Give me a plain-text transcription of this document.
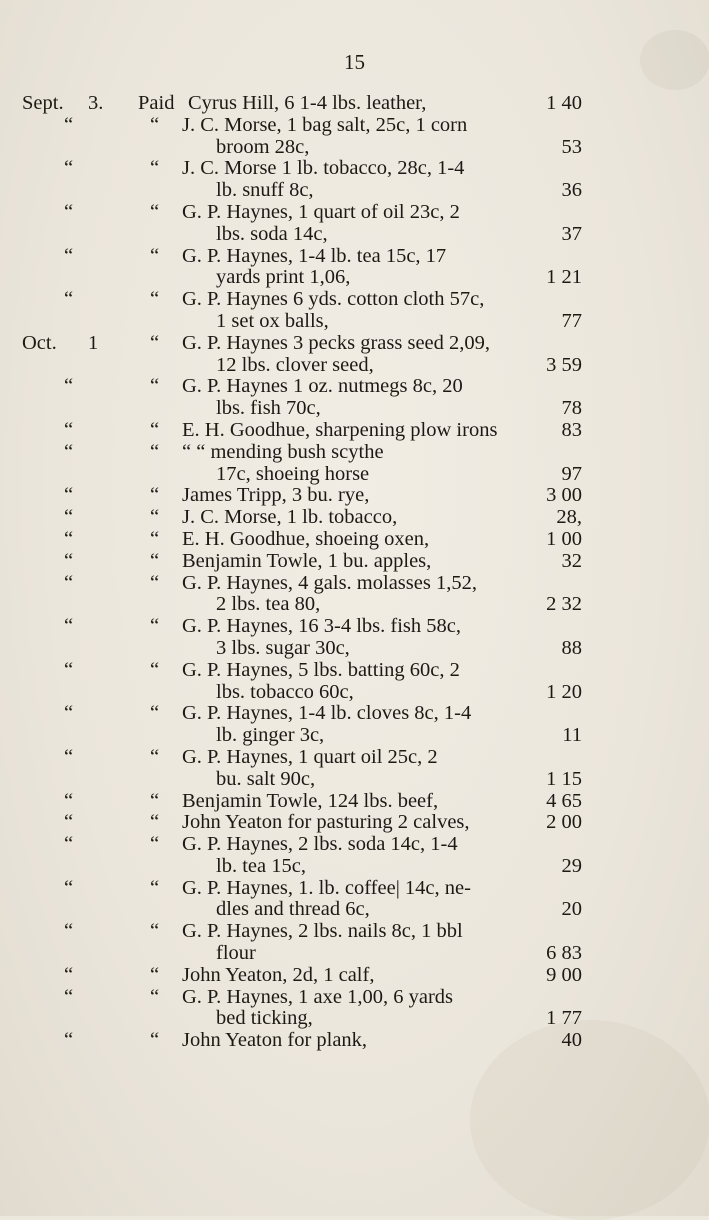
15
Sept. 3. Paid Cyrus Hill, 6 1-4 lbs. leather,	1 40
“	“ J. C. Morse, 1 bag salt, 25c, 1 corn
broom 28c,	53
“	“ J. C. Morse 1 lb. tobacco, 28c, 1-4
lb. snuff 8c,	36
“	“ G. P. Haynes, 1 quart of oil 23c, 2
lbs. soda 14c,	37
“	“ G. P. Haynes, 1-4 lb. tea 15c, 17
yards print 1,06,	1 21
“	“ G. P. Haynes 6 yds. cotton cloth 57c,
1 set ox balls,	77
Oct. 1	“ G. P. Haynes 3 pecks grass seed 2,09,
12 lbs. clover seed,	3 59
“	“ G. P. Haynes 1 oz. nutmegs 8c, 20
lbs. fish 70c,	78
“	“ E. H. Goodhue, sharpening plow irons	83
“	“ “ “ mending bush scythe
17c, shoeing horse	97
“	“ James Tripp, 3 bu. rye,	3 00
“	“ J. C. Morse, 1 lb. tobacco,	28,
“	“ E. H. Goodhue, shoeing oxen,	1 00
“	“ Benjamin Towle, 1 bu. apples,	32
“	“ G. P. Haynes, 4 gals. molasses 1,52,
2 lbs. tea 80,	2 32
“	“ G. P. Haynes, 16 3-4 lbs. fish 58c,
3 lbs. sugar 30c,	88
“	“ G. P. Haynes, 5 lbs. batting 60c, 2
lbs. tobacco 60c,	1 20
“	“ G. P. Haynes, 1-4 lb. cloves 8c, 1-4
lb. ginger 3c,	11
“	“ G. P. Haynes, 1 quart oil 25c, 2
bu. salt 90c,	1 15
“	“ Benjamin Towle, 124 lbs. beef,	4 65
“	“ John Yeaton for pasturing 2 calves,	2 00
“	“ G. P. Haynes, 2 lbs. soda 14c, 1-4
lb. tea 15c,	29
“	“ G. P. Haynes, 1. lb. coffee| 14c, ne-
dles and thread 6c,	20
“	“ G. P. Haynes, 2 lbs. nails 8c, 1 bbl
flour	6 83
“	“ John Yeaton, 2d, 1 calf,	9 00
“	“ G. P. Haynes, 1 axe 1,00, 6 yards
bed ticking,	1 77
“	“ John Yeaton for plank,	40
